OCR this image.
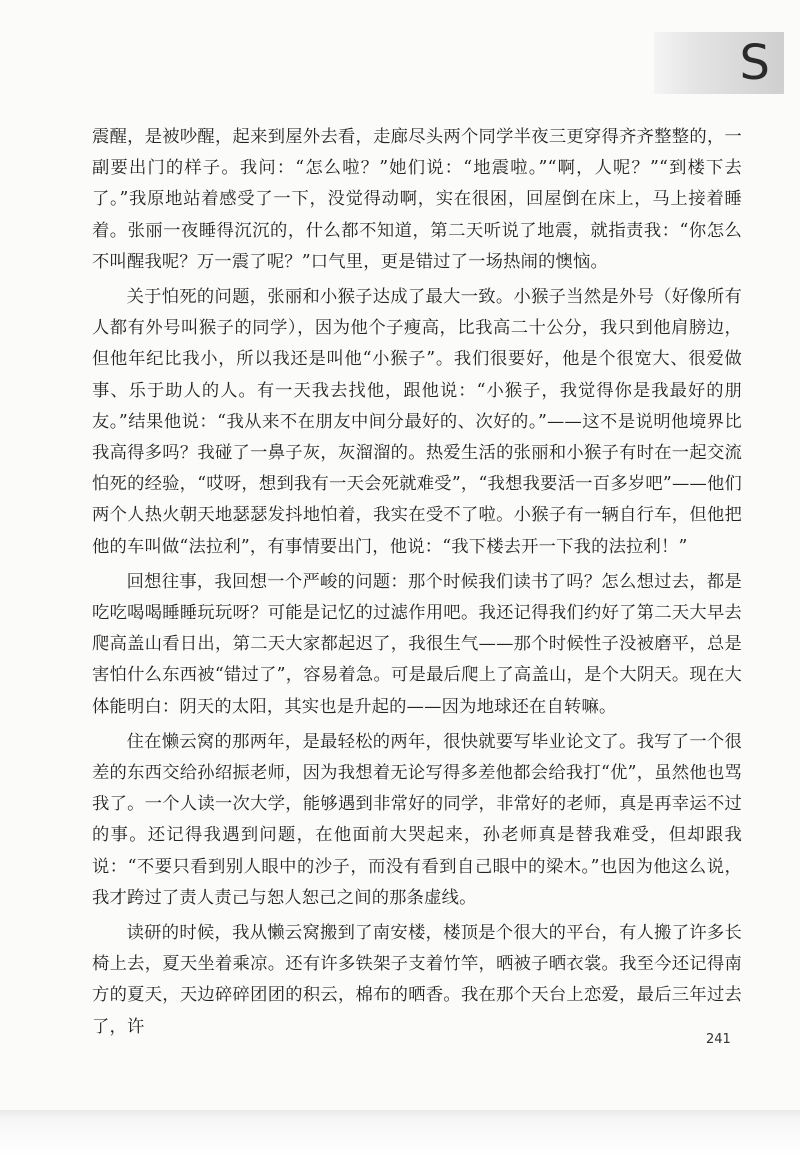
S

震醒，是被吵醒，起来到屋外去看，走廊尽头两个同学半夜三更穿得齐齐整整的，一副要出门的样子。我问：“怎么啦？”她们说：“地震啦。”“啊，人呢？”“到楼下去了。”我原地站着感受了一下，没觉得动啊，实在很困，回屋倒在床上，马上接着睡着。张丽一夜睡得沉沉的，什么都不知道，第二天听说了地震，就指责我：“你怎么不叫醒我呢？万一震了呢？”口气里，更是错过了一场热闹的懊恼。

关于怕死的问题，张丽和小猴子达成了最大一致。小猴子当然是外号（好像所有人都有外号叫猴子的同学），因为他个子瘦高，比我高二十公分，我只到他肩膀边，但他年纪比我小，所以我还是叫他“小猴子”。我们很要好，他是个很宽大、很爱做事、乐于助人的人。有一天我去找他，跟他说：“小猴子，我觉得你是我最好的朋友。”结果他说：“我从来不在朋友中间分最好的、次好的。”——这不是说明他境界比我高得多吗？我碰了一鼻子灰，灰溜溜的。热爱生活的张丽和小猴子有时在一起交流怕死的经验，“哎呀，想到我有一天会死就难受”，“我想我要活一百多岁吧”——他们两个人热火朝天地瑟瑟发抖地怕着，我实在受不了啦。小猴子有一辆自行车，但他把他的车叫做“法拉利”，有事情要出门，他说：“我下楼去开一下我的法拉利！”

回想往事，我回想一个严峻的问题：那个时候我们读书了吗？怎么想过去，都是吃吃喝喝睡睡玩玩呀？可能是记忆的过滤作用吧。我还记得我们约好了第二天大早去爬高盖山看日出，第二天大家都起迟了，我很生气——那个时候性子没被磨平，总是害怕什么东西被“错过了”，容易着急。可是最后爬上了高盖山，是个大阴天。现在大体能明白：阴天的太阳，其实也是升起的——因为地球还在自转嘛。

住在懒云窝的那两年，是最轻松的两年，很快就要写毕业论文了。我写了一个很差的东西交给孙绍振老师，因为我想着无论写得多差他都会给我打“优”，虽然他也骂我了。一个人读一次大学，能够遇到非常好的同学，非常好的老师，真是再幸运不过的事。还记得我遇到问题，在他面前大哭起来，孙老师真是替我难受，但却跟我说：“不要只看到别人眼中的沙子，而没有看到自己眼中的梁木。”也因为他这么说，我才跨过了责人责己与恕人恕己之间的那条虚线。

读研的时候，我从懒云窝搬到了南安楼，楼顶是个很大的平台，有人搬了许多长椅上去，夏天坐着乘凉。还有许多铁架子支着竹竿，晒被子晒衣裳。我至今还记得南方的夏天，天边碎碎团团的积云，棉布的晒香。我在那个天台上恋爱，最后三年过去了，许

241
